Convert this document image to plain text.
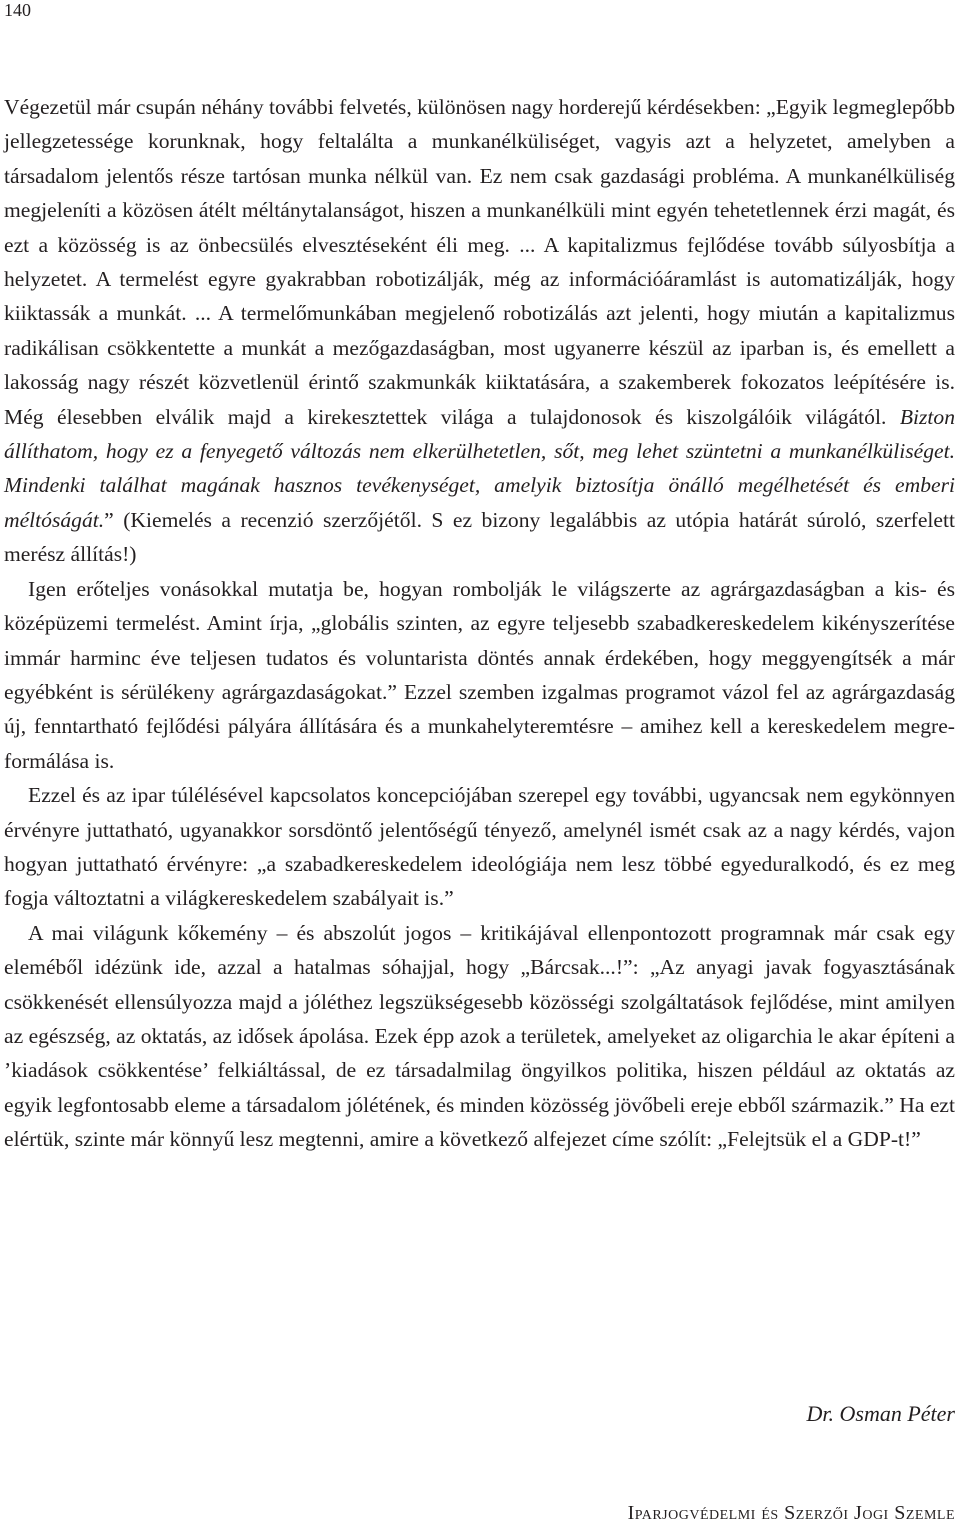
140

Végezetül már csupán néhány további felvetés, különösen nagy horderejű kérdésekben: „Egyik legmeglepőbb jellegzetessége korunknak, hogy feltalálta a munkanélküliséget, vagyis azt a helyzetet, amelyben a társadalom jelentős része tartósan munka nélkül van. Ez nem csak gazdasági probléma. A munkanélküliség megjeleníti a közösen átélt méltánytalanságot, hiszen a munkanélküli mint egyén tehetetlennek érzi magát, és ezt a közösség is az önbecsülés elvesztéseként éli meg. ... A kapitalizmus fejlődése tovább súlyosbítja a helyzetet. A termelést egyre gyakrabban robotizálják, még az információáramlást is automatizálják, hogy kiiktassák a munkát. ... A termelőmunkában megjelenő robotizálás azt jelenti, hogy miután a kapitalizmus radikálisan csökkentette a munkát a mezőgazdaságban, most ugyanerre készül az iparban is, és emellett a lakosság nagy részét közvetlenül érintő szakmunkák kiiktatására, a szakemberek fokozatos leépítésére is. Még élesebben elválik majd a kirekesztettek világa a tulajdonosok és kiszolgálóik világától. Bizton állíthatom, hogy ez a fenyegető változás nem elkerülhetetlen, sőt, meg lehet szüntetni a munkanélküliséget. Mindenki találhat magának hasznos tevékenységet, amelyik biztosítja önálló megélhetését és emberi méltóságát.” (Kiemelés a recenzió szerzőjétől. S ez bizony legalábbis az utópia határát súroló, szerfelett merész állítás!)

Igen erőteljes vonásokkal mutatja be, hogyan rombolják le világszerte az agrárgazdaságban a kis- és középüzemi termelést. Amint írja, „globális szinten, az egyre teljesebb szabadkereskedelem kikényszerítése immár harminc éve teljesen tudatos és voluntarista döntés annak érdekében, hogy meggyengítsék a már egyébként is sérülékeny agrárgazdaságokat.” Ezzel szemben izgalmas programot vázol fel az agrárgazdaság új, fenntartható fejlődési pályára állítására és a munkahelyteremtésre – amihez kell a kereskedelem megreformálása is.

Ezzel és az ipar túlélésével kapcsolatos koncepciójában szerepel egy további, ugyancsak nem egykönnyen érvényre juttatható, ugyanakkor sorsdöntő jelentőségű tényező, amelynél ismét csak az a nagy kérdés, vajon hogyan juttatható érvényre: „a szabadkereskedelem ideológiája nem lesz többé egyeduralkodó, és ez meg fogja változtatni a világkereskedelem szabályait is.”

A mai világunk kőkemény – és abszolút jogos – kritikájával ellenpontozott programnak már csak egy eleméből idézünk ide, azzal a hatalmas sóhajjal, hogy „Bárcsak...!”: „Az anyagi javak fogyasztásának csökkenését ellensúlyozza majd a jóléthez legszükségesebb közösségi szolgáltatások fejlődése, mint amilyen az egészség, az oktatás, az idősek ápolása. Ezek épp azok a területek, amelyeket az oligarchia le akar építeni a ’kiadások csökkentése’ felkiáltással, de ez társadalmilag öngyilkos politika, hiszen például az oktatás az egyik legfontosabb eleme a társadalom jólétének, és minden közösség jövőbeli ereje ebből származik.” Ha ezt elértük, szinte már könnyű lesz megtenni, amire a következő alfejezet címe szólít: „Felejtsük el a GDP-t!”

Dr. Osman Péter
Iparjogvédelmi és Szerzői Jogi Szemle
